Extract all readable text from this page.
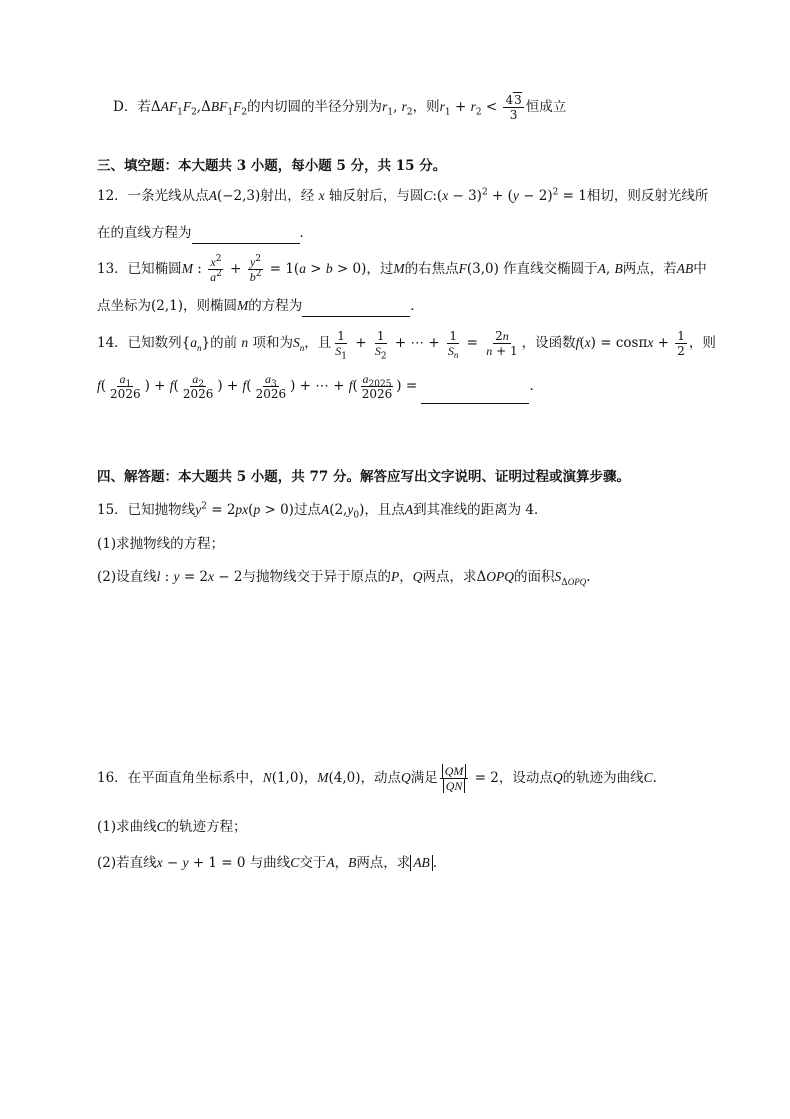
D．若$\Delta AF_1F_2,\Delta BF_1F_2$的内切圆的半径分别为$r_1$, $r_2$，则$r_1 + r_2 < \frac{43}{3}$ 恒成立
三、填空题：本大题共 3 小题，每小题 5 分，共 15 分。
12．一条光线从点A(−2,3)射出，经 x 轴反射后，与圆C:(x − $3)^2 + (y - 2)^2 = 1$相切，则反射光线所
在的直线方程为	．
13．已知椭圆M : $\frac{x^2}{a^2} + \frac{y^2}{b^2} = 1(a > b > 0)$，过M的右焦点F(3,0) 作直线交椭圆于A, B两点，若AB中
点坐标为(2,1)，则椭圆M的方程为	．
14．已知数列$\{a_n\}$的前 n 项和为$S_n$，且 $\frac{1}{S_1} + \frac{1}{S_2}$ + ⋯ + $\frac{1}{S_n} = \frac{2n}{n + 1}$ ，设函数$f(x) = \cos\pi x + \frac{1}{2}$ ，则
$f( \frac{a_1}{2026}$ ) + $f( \frac{a_2}{2026}$ ) + $f( \frac{a_3}{2026}$ ) + ⋯ + $f( \frac{a_{2025}}{2026}$ ) =	．
四、解答题：本大题共 5 小题，共 77 分。解答应写出文字说明、证明过程或演算步骤。
15．已知抛物线$y^2 = 2px(p > 0)$过点$A(2,y_0)$，且点A到其准线的距离为 4．
(1)求抛物线的方程；
(2)设直线l : y = 2x − 2与抛物线交于异于原点的P，Q两点，求ΔOPQ的面积$S_{\Delta OPQ}$.
16．在平面直角坐标系中，N(1,0)，M(4,0)，动点Q满足 $\frac{QM}{QN} = 2$，设动点Q的轨迹为曲线C.
(1)求曲线C的轨迹方程；
(2)若直线x − y + 1 = 0 与曲线C交于A，B两点，求 AB .
